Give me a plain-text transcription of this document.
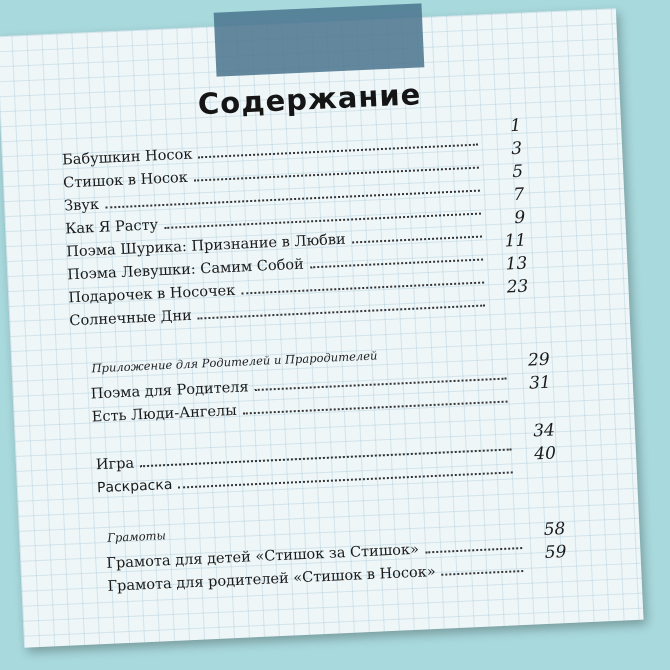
Содержание
Бабушкин Носок
1
Стишок в Носок
3
Звук
5
Как Я Расту
7
Поэма Шурика: Признание в Любви
9
Поэма Левушки: Самим Собой
11
Подарочек в Носочек
13
Солнечные Дни
23
Приложение для Родителей и Прародителей
Поэма для Родителя
29
Есть Люди-Ангелы
31
Игра
34
Раскраска
40
Грамоты
Грамота для детей «Стишок за Стишок»
58
Грамота для родителей «Стишок в Носок»
59
